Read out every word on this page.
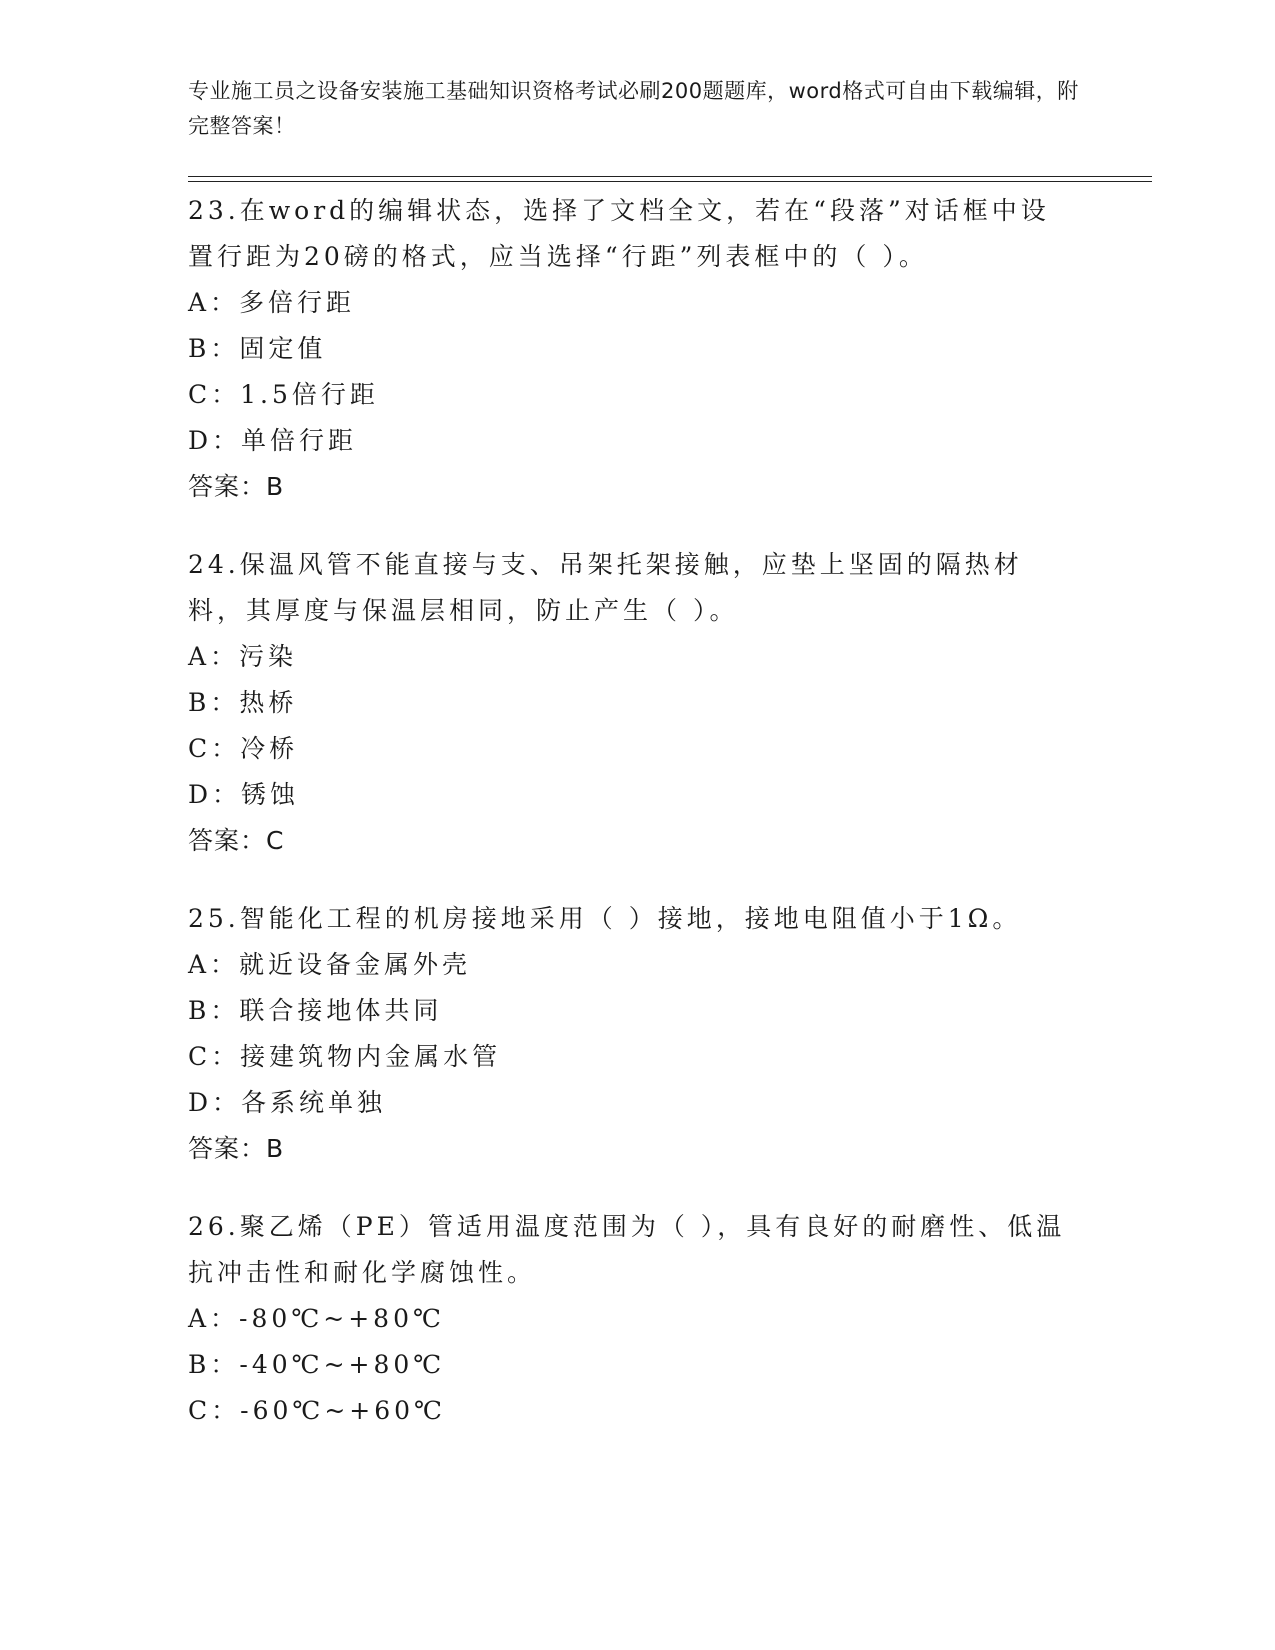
专业施工员之设备安装施工基础知识资格考试必刷200题题库，word格式可自由下载编辑，附完整答案！
23.在word的编辑状态，选择了文档全文，若在“段落”对话框中设置行距为20磅的格式，应当选择“行距”列表框中的（ ）。
A：多倍行距
B：固定值
C：1.5倍行距
D：单倍行距
答案：B
24.保温风管不能直接与支、吊架托架接触，应垫上坚固的隔热材料，其厚度与保温层相同，防止产生（ ）。
A：污染
B：热桥
C：冷桥
D：锈蚀
答案：C
25.智能化工程的机房接地采用（ ）接地，接地电阻值小于1Ω。
A：就近设备金属外壳
B：联合接地体共同
C：接建筑物内金属水管
D：各系统单独
答案：B
26.聚乙烯（PE）管适用温度范围为（ ），具有良好的耐磨性、低温抗冲击性和耐化学腐蚀性。
A：-80℃~+80℃
B：-40℃~+80℃
C：-60℃~+60℃
